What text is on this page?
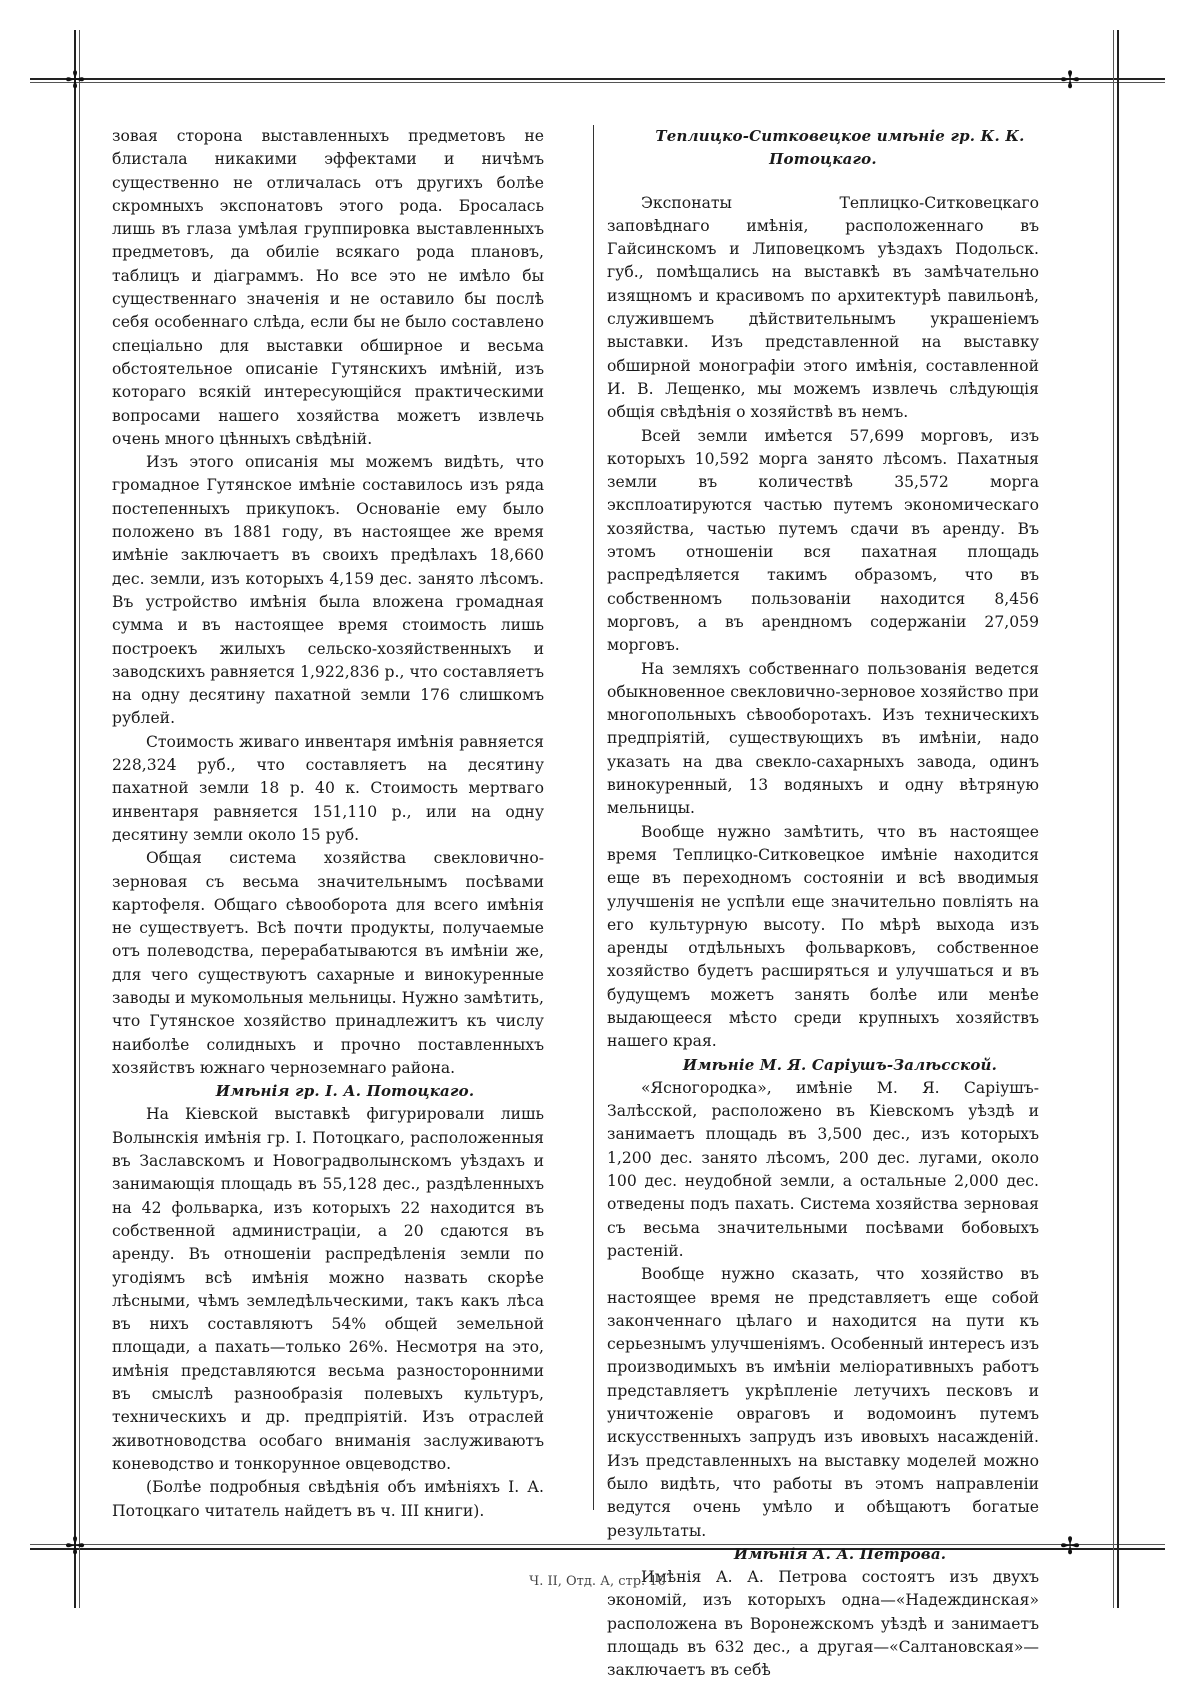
✢	✢
✢	✢

зовая сторона выставленныхъ предметовъ не блистала никакими эффектами и ничѣмъ существенно не отличалась отъ другихъ болѣе скромныхъ экспонатовъ этого рода. Бросалась лишь въ глаза умѣлая группировка выставленныхъ предметовъ, да обиліе всякаго рода плановъ, таблицъ и діаграммъ. Но все это не имѣло бы существеннаго значенія и не оставило бы послѣ себя особеннаго слѣда, если бы не было составлено спеціально для выставки обширное и весьма обстоятельное описаніе Гутянскихъ имѣній, изъ котораго всякій интересующійся практическими вопросами нашего хозяйства можетъ извлечь очень много цѣнныхъ свѣдѣній.

Изъ этого описанія мы можемъ видѣть, что громадное Гутянское имѣніе составилось изъ ряда постепенныхъ прикупокъ. Основаніе ему было положено въ 1881 году, въ настоящее же время имѣніе заключаетъ въ своихъ предѣлахъ 18,660 дес. земли, изъ которыхъ 4,159 дес. занято лѣсомъ. Въ устройство имѣнія была вложена громадная сумма и въ настоящее время стоимость лишь построекъ жилыхъ сельско-хозяйственныхъ и заводскихъ равняется 1,922,836 р., что составляетъ на одну десятину пахатной земли 176 слишкомъ рублей.

Стоимость живаго инвентаря имѣнія равняется 228,324 руб., что составляетъ на десятину пахатной земли 18 р. 40 к. Стоимость мертваго инвентаря равняется 151,110 р., или на одну десятину земли около 15 руб.

Общая система хозяйства свекловично-зерновая съ весьма значительнымъ посѣвами картофеля. Общаго сѣвооборота для всего имѣнія не существуетъ. Всѣ почти продукты, получаемые отъ полеводства, перерабатываются въ имѣніи же, для чего существуютъ сахарные и винокуренные заводы и мукомольныя мельницы. Нужно замѣтить, что Гутянское хозяйство принадлежитъ къ числу наиболѣе солидныхъ и прочно поставленныхъ хозяйствъ южнаго черноземнаго района.

Имѣнія гр. І. А. Потоцкаго.

На Кіевской выставкѣ фигурировали лишь Волынскія имѣнія гр. І. Потоцкаго, расположенныя въ Заславскомъ и Новоградволынскомъ уѣздахъ и занимающія площадь въ 55,128 дес., раздѣленныхъ на 42 фольварка, изъ которыхъ 22 находится въ собственной администраціи, а 20 сдаются въ аренду. Въ отношеніи распредѣленія земли по угодіямъ всѣ имѣнія можно назвать скорѣе лѣсными, чѣмъ земледѣльческими, такъ какъ лѣса въ нихъ составляютъ 54% общей земельной площади, а пахать—только 26%. Несмотря на это, имѣнія представляются весьма разносторонними въ смыслѣ разнообразія полевыхъ культуръ, техническихъ и др. предпріятій. Изъ отраслей животноводства особаго вниманія заслуживаютъ коневодство и тонкорунное овцеводство.

(Болѣе подробныя свѣдѣнія объ имѣніяхъ І. А. Потоцкаго читатель найдетъ въ ч. III книги).

Теплицко-Ситковецкое имѣніе гр. К. К. Потоцкаго.

Экспонаты Теплицко-Ситковецкаго заповѣднаго имѣнія, расположеннаго въ Гайсинскомъ и Липовецкомъ уѣздахъ Подольск. губ., помѣщались на выставкѣ въ замѣчательно изящномъ и красивомъ по архитектурѣ павильонѣ, служившемъ дѣйствительнымъ украшеніемъ выставки. Изъ представленной на выставку обширной монографіи этого имѣнія, составленной И. В. Лещенко, мы можемъ извлечь слѣдующія общія свѣдѣнія о хозяйствѣ въ немъ.

Всей земли имѣется 57,699 морговъ, изъ которыхъ 10,592 морга занято лѣсомъ. Пахатныя земли въ количествѣ 35,572 морга эксплоатируются частью путемъ экономическаго хозяйства, частью путемъ сдачи въ аренду. Въ этомъ отношеніи вся пахатная площадь распредѣляется такимъ образомъ, что въ собственномъ пользованіи находится 8,456 морговъ, а въ арендномъ содержаніи 27,059 морговъ.

На земляхъ собственнаго пользованія ведется обыкновенное свекловично-зерновое хозяйство при многопольныхъ сѣвооборотахъ. Изъ техническихъ предпріятій, существующихъ въ имѣніи, надо указать на два свекло-сахарныхъ завода, одинъ винокуренный, 13 водяныхъ и одну вѣтряную мельницы.

Вообще нужно замѣтить, что въ настоящее время Теплицко-Ситковецкое имѣніе находится еще въ переходномъ состояніи и всѣ вводимыя улучшенія не успѣли еще значительно повліять на его культурную высоту. По мѣрѣ выхода изъ аренды отдѣльныхъ фольварковъ, собственное хозяйство будетъ расширяться и улучшаться и въ будущемъ можетъ занять болѣе или менѣе выдающееся мѣсто среди крупныхъ хозяйствъ нашего края.

Имѣніе М. Я. Саріушъ-Залѣсской.

«Ясногородка», имѣніе М. Я. Саріушъ-Залѣсской, расположено въ Кіевскомъ уѣздѣ и занимаетъ площадь въ 3,500 дес., изъ которыхъ 1,200 дес. занято лѣсомъ, 200 дес. лугами, около 100 дес. неудобной земли, а остальные 2,000 дес. отведены подъ пахать. Система хозяйства зерновая съ весьма значительными посѣвами бобовыхъ растеній.

Вообще нужно сказать, что хозяйство въ настоящее время не представляетъ еще собой законченнаго цѣлаго и находится на пути къ серьезнымъ улучшеніямъ. Особенный интересъ изъ производимыхъ въ имѣніи меліоративныхъ работъ представляетъ укрѣпленіе летучихъ песковъ и уничтоженіе овраговъ и водомоинъ путемъ искусственныхъ запрудъ изъ ивовыхъ насажденій. Изъ представленныхъ на выставку моделей можно было видѣть, что работы въ этомъ направленіи ведутся очень умѣло и обѣщаютъ богатые результаты.

Имѣнія А. А. Петрова.

Имѣнія А. А. Петрова состоятъ изъ двухъ экономій, изъ которыхъ одна—«Надеждинская» расположена въ Воронежскомъ уѣздѣ и занимаетъ площадь въ 632 дес., а другая—«Салтановская»—заключаетъ въ себѣ

Ч. II, Отд. А, стр. 10
